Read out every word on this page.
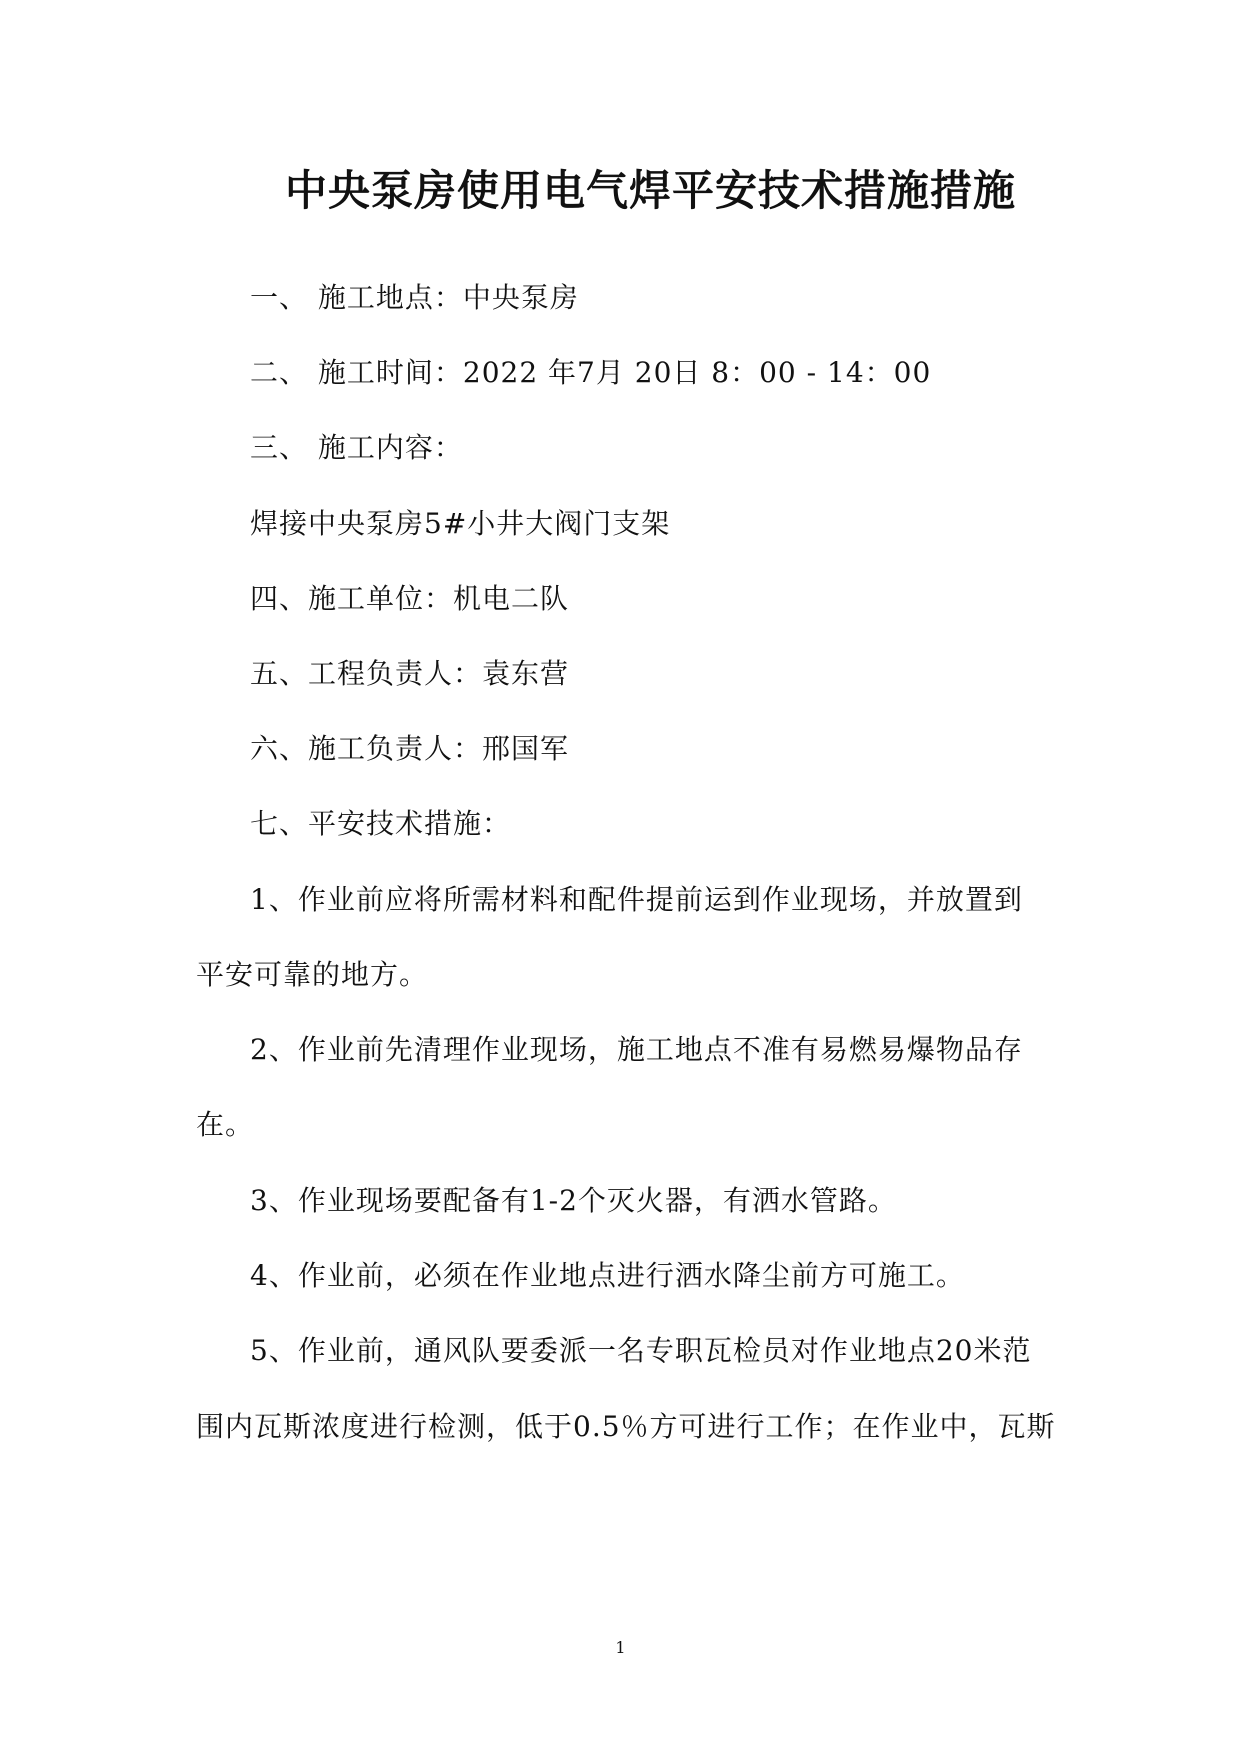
中央泵房使用电气焊平安技术措施措施
一、 施工地点：中央泵房
二、 施工时间：2022 年7月 20日 8：00 - 14：00
三、 施工内容：
焊接中央泵房5#小井大阀门支架
四、施工单位：机电二队
五、工程负责人：袁东营
六、施工负责人：邢国军
七、平安技术措施：
1、作业前应将所需材料和配件提前运到作业现场，并放置到
平安可靠的地方。
2、作业前先清理作业现场，施工地点不准有易燃易爆物品存
在。
3、作业现场要配备有1-2个灭火器，有洒水管路。
4、作业前，必须在作业地点进行洒水降尘前方可施工。
5、作业前，通风队要委派一名专职瓦检员对作业地点20米范
围内瓦斯浓度进行检测，低于0.5％方可进行工作；在作业中，瓦斯
1
